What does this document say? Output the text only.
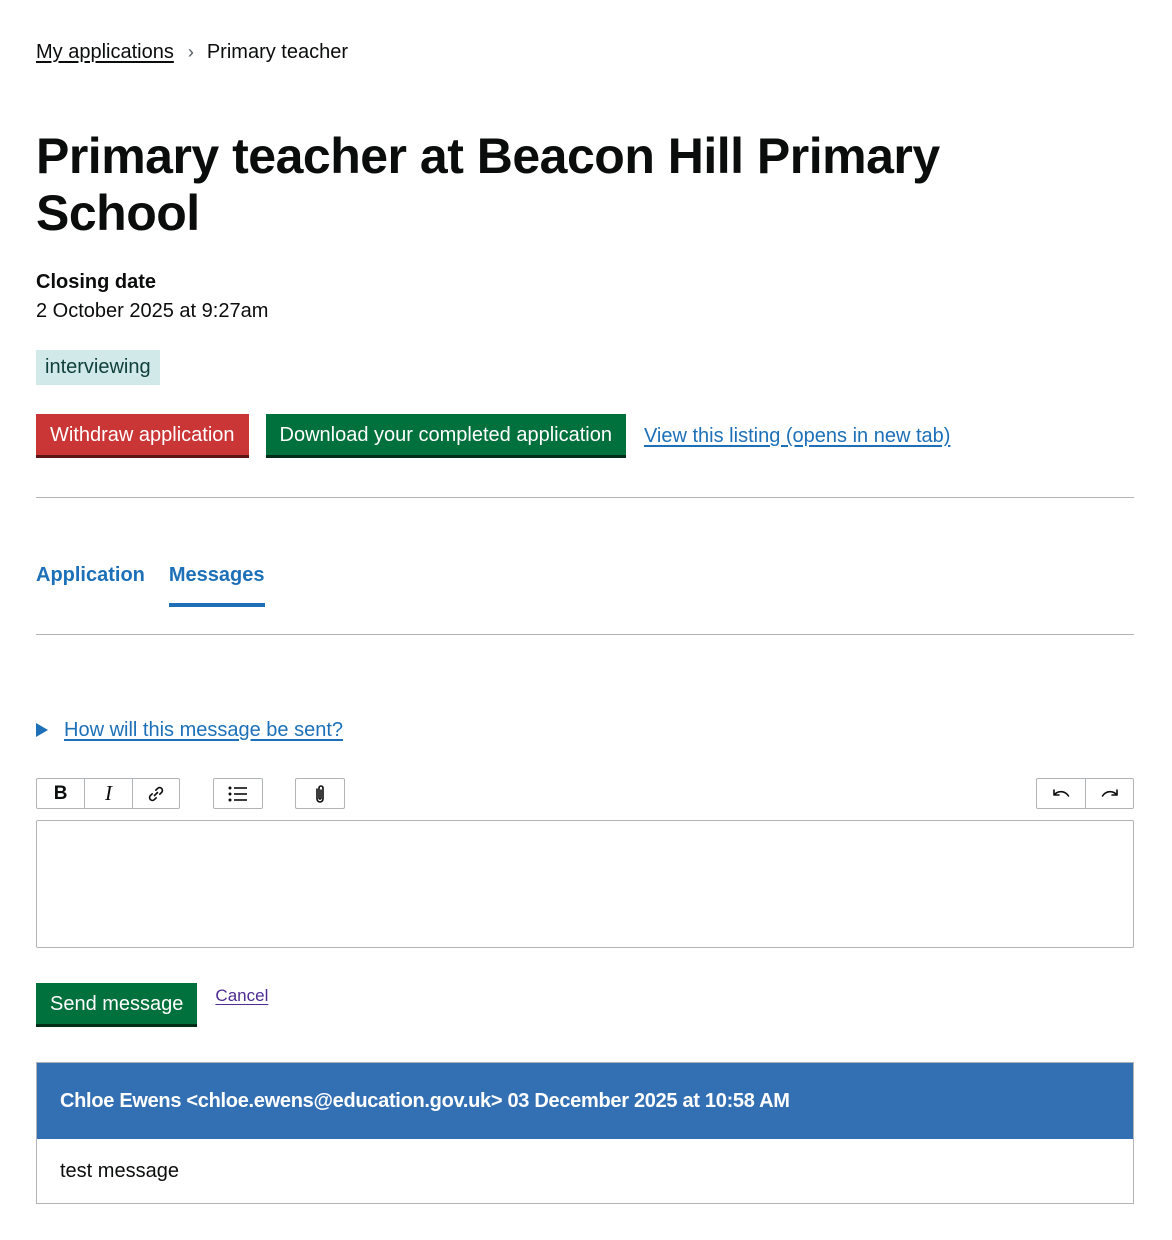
My applications › Primary teacher
Primary teacher at Beacon Hill Primary School
Closing date
2 October 2025 at 9:27am
interviewing
Withdraw application	Download your completed application	View this listing (opens in new tab)
Application Messages
How will this message be sent?
B	I
Send message	Cancel
Chloe Ewens <chloe.ewens@education.gov.uk> 03 December 2025 at 10:58 AM
test message
